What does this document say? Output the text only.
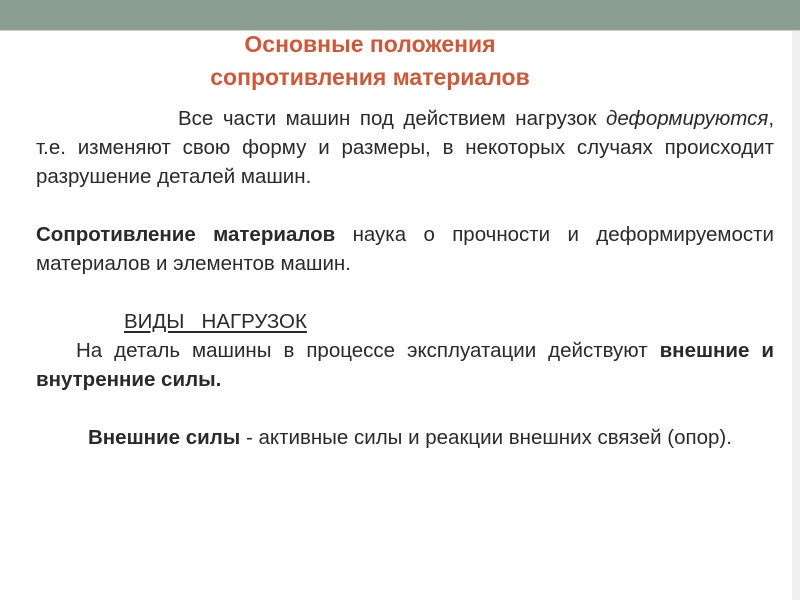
Основные положения
сопротивления материалов

Все части машин под действием нагрузок деформируются, т.е. изменяют свою форму и размеры, в некоторых случаях происходит разрушение деталей машин.

Сопротивление материалов наука о прочности и деформируемости материалов и элементов машин.

ВИДЫ   НАГРУЗОК

На деталь машины в процессе эксплуатации действуют внешние и внутренние силы.

Внешние силы - активные силы и реакции внешних связей (опор).
